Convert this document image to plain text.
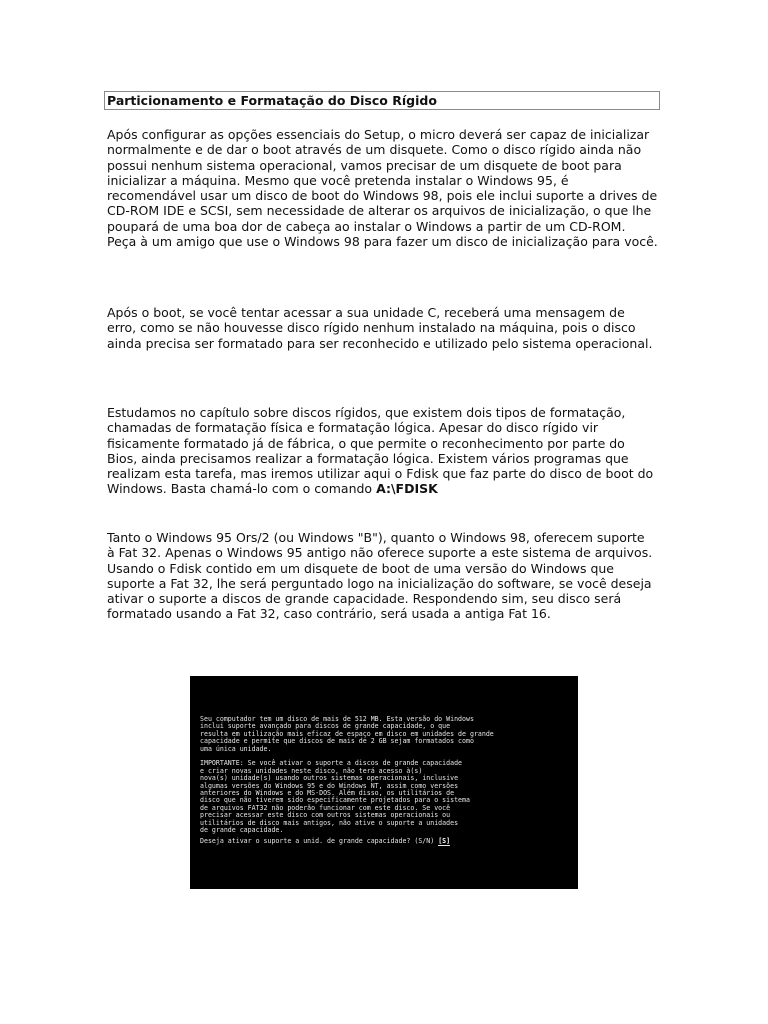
Particionamento e Formatação do Disco Rígido
Após configurar as opções essenciais do Setup, o micro deverá ser capaz de inicializar
normalmente e de dar o boot através de um disquete. Como o disco rígido ainda não
possui nenhum sistema operacional, vamos precisar de um disquete de boot para
inicializar a máquina. Mesmo que você pretenda instalar o Windows 95, é
recomendável usar um disco de boot do Windows 98, pois ele inclui suporte a drives de
CD-ROM IDE e SCSI, sem necessidade de alterar os arquivos de inicialização, o que lhe
poupará de uma boa dor de cabeça ao instalar o Windows a partir de um CD-ROM.
Peça à um amigo que use o Windows 98 para fazer um disco de inicialização para você.
Após o boot, se você tentar acessar a sua unidade C, receberá uma mensagem de
erro, como se não houvesse disco rígido nenhum instalado na máquina, pois o disco
ainda precisa ser formatado para ser reconhecido e utilizado pelo sistema operacional.
Estudamos no capítulo sobre discos rígidos, que existem dois tipos de formatação,
chamadas de formatação física e formatação lógica. Apesar do disco rígido vir
fisicamente formatado já de fábrica, o que permite o reconhecimento por parte do
Bios, ainda precisamos realizar a formatação lógica. Existem vários programas que
realizam esta tarefa, mas iremos utilizar aqui o Fdisk que faz parte do disco de boot do
Windows. Basta chamá-lo com o comando A:\FDISK
Tanto o Windows 95 Ors/2 (ou Windows "B"), quanto o Windows 98, oferecem suporte
à Fat 32. Apenas o Windows 95 antigo não oferece suporte a este sistema de arquivos.
Usando o Fdisk contido em um disquete de boot de uma versão do Windows que
suporte a Fat 32, lhe será perguntado logo na inicialização do software, se você deseja
ativar o suporte a discos de grande capacidade. Respondendo sim, seu disco será
formatado usando a Fat 32, caso contrário, será usada a antiga Fat 16.
Seu computador tem um disco de mais de 512 MB. Esta versão do Windows
inclui suporte avançado para discos de grande capacidade, o que
resulta em utilização mais eficaz de espaço em disco em unidades de grande
capacidade e permite que discos de mais de 2 GB sejam formatados como
uma única unidade.
IMPORTANTE: Se você ativar o suporte a discos de grande capacidade
e criar novas unidades neste disco, não terá acesso à(s)
nova(s) unidade(s) usando outros sistemas operacionais, inclusive
algumas versões do Windows 95 e do Windows NT, assim como versões
anteriores do Windows e do MS-DOS. Além disso, os utilitários de
disco que não tiverem sido especificamente projetados para o sistema
de arquivos FAT32 não poderão funcionar com este disco. Se você
precisar acessar este disco com outros sistemas operacionais ou
utilitários de disco mais antigos, não ative o suporte a unidades
de grande capacidade.
Deseja ativar o suporte a unid. de grande capacidade? (S/N) [S]
